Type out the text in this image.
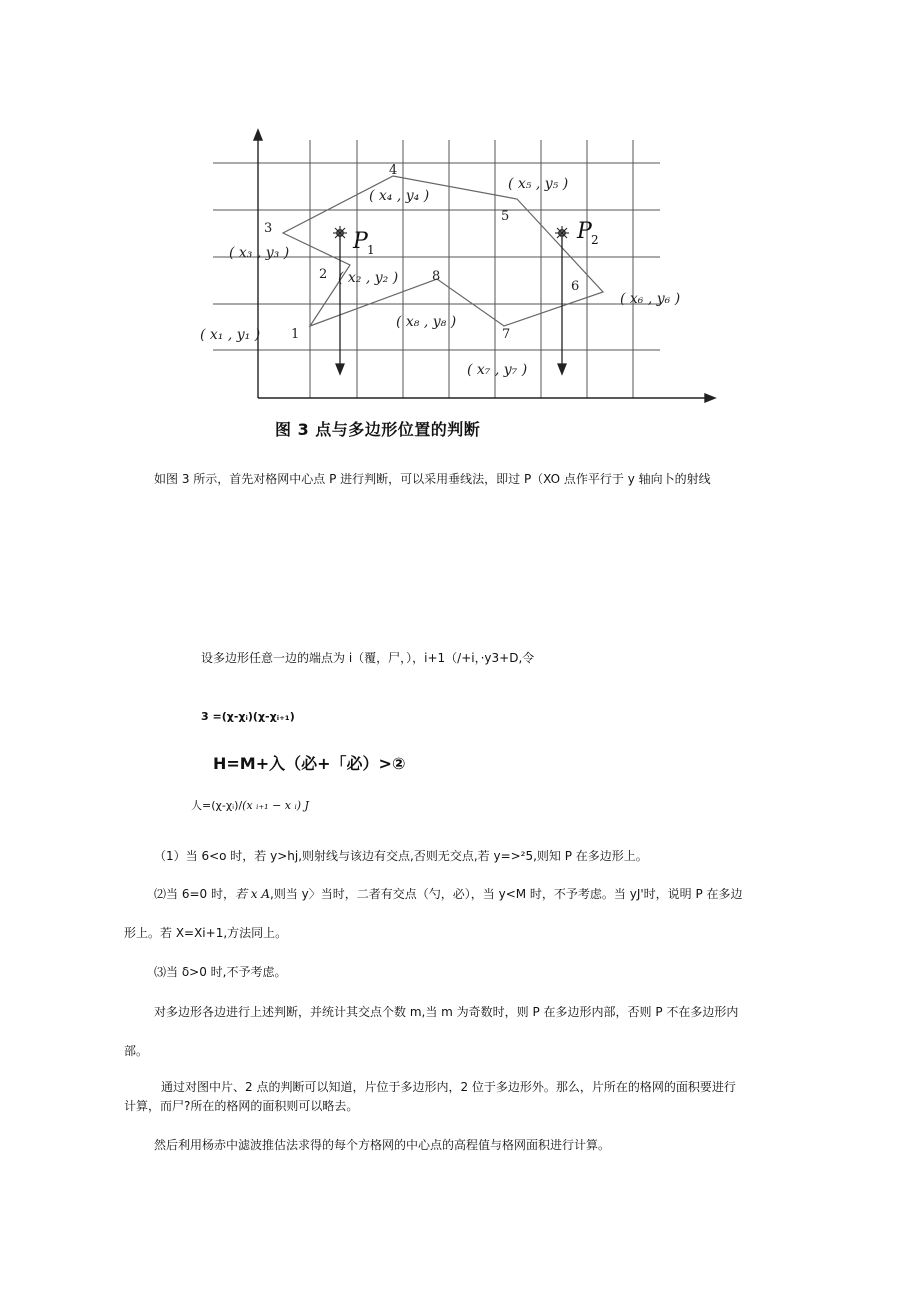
P 1
P 2
1
2
3
4
5
6
7
8
( x₁ , y₁ )
( x₂ , y₂ )
( x₃ , y₃ )
( x₄ , y₄ )
( x₅ , y₅ )
( x₆ , y₆ )
( x₇ , y₇ )
( x₈ , y₈ )
图 3 点与多边形位置的判断
如图 3 所示，首先对格网中心点 P 进行判断，可以采用垂线法，即过 P（XO 点作平行于 y 轴向卜的射线
设多边形任意一边的端点为 i（覆，尸，），i+1（/+i，·y3+D,令
3 =(χ-χᵢ)(χ-χᵢ₊₁)
H=M+入（必+「必）>②
人=(χ-χᵢ)/(x ᵢ₊₁ − x ᵢ) J
（1）当 6<o 时，若 y>hj,则射线与该边有交点,否则无交点,若 y=>²5,则知 P 在多边形上。
⑵当 6=0 时，若 x A,则当 y〉当时，二者有交点（勺，必），当 y<M 时，不予考虑。当 yJ'时，说明 P 在多边
形上。若 X=Xi+1,方法同上。
⑶当 δ>0 时,不予考虑。
对多边形各边进行上述判断，并统计其交点个数 m,当 m 为奇数时，则 P 在多边形内部，否则 P 不在多边形内
部。
通过对图中片、2 点的判断可以知道，片位于多边形内，2 位于多边形外。那么，片所在的格网的面积要进行
计算，而尸?所在的格网的面积则可以略去。
然后利用杨赤中滤波推估法求得的每个方格网的中心点的高程值与格网面积进行计算。
